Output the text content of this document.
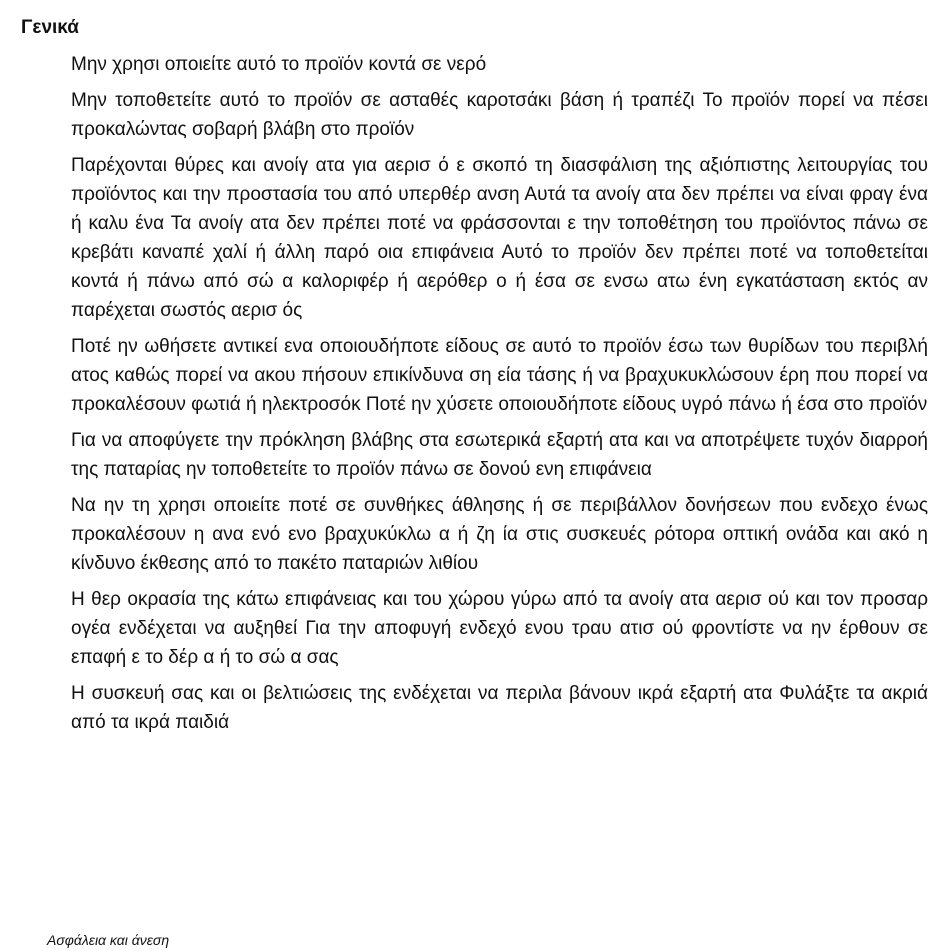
Γενικά

Μην χρησι οποιείτε αυτό το προϊόν κοντά σε νερό

Μην τοποθετείτε αυτό το προϊόν σε ασταθές καροτσάκι βάση ή τραπέζι Το προϊόν πορεί να πέσει προκαλώντας σοβαρή βλάβη στο προϊόν

Παρέχονται θύρες και ανοίγ ατα για αερισ ό ε σκοπό τη διασφάλιση της αξιόπιστης λειτουργίας του προϊόντος και την προστασία του από υπερθέρ ανση Αυτά τα ανοίγ ατα δεν πρέπει να είναι φραγ ένα ή καλυ ένα Τα ανοίγ ατα δεν πρέπει ποτέ να φράσσονται ε την τοποθέτηση του προϊόντος πάνω σε κρεβάτι καναπέ χαλί ή άλλη παρό οια επιφάνεια Αυτό το προϊόν δεν πρέπει ποτέ να τοποθετείται κοντά ή πάνω από σώ α καλοριφέρ ή αερόθερ ο ή έσα σε ενσω ατω ένη εγκατάσταση εκτός αν παρέχεται σωστός αερισ ός

Ποτέ ην ωθήσετε αντικεί ενα οποιουδήποτε είδους σε αυτό το προϊόν έσω των θυρίδων του περιβλή ατος καθώς πορεί να ακου πήσουν επικίνδυνα ση εία τάσης ή να βραχυκυκλώσουν έρη που πορεί να προκαλέσουν φωτιά ή ηλεκτροσόκ Ποτέ ην χύσετε οποιουδήποτε είδους υγρό πάνω ή έσα στο προϊόν

Για να αποφύγετε την πρόκληση βλάβης στα εσωτερικά εξαρτή ατα και να αποτρέψετε τυχόν διαρροή της παταρίας ην τοποθετείτε το προϊόν πάνω σε δονού ενη επιφάνεια

Να ην τη χρησι οποιείτε ποτέ σε συνθήκες άθλησης ή σε περιβάλλον δονήσεων που ενδεχο ένως προκαλέσουν η ανα ενό ενο βραχυκύκλω α ή ζη ία στις συσκευές ρότορα οπτική ονάδα και ακό η κίνδυνο έκθεσης από το πακέτο παταριών λιθίου

Η θερ οκρασία της κάτω επιφάνειας και του χώρου γύρω από τα ανοίγ ατα αερισ ού και τον προσαρ ογέα ενδέχεται να αυξηθεί Για την αποφυγή ενδεχό ενου τραυ ατισ ού φροντίστε να ην έρθουν σε επαφή ε το δέρ α ή το σώ α σας

Η συσκευή σας και οι βελτιώσεις της ενδέχεται να περιλα βάνουν ικρά εξαρτή ατα Φυλάξτε τα ακριά από τα ικρά παιδιά

Ασφάλεια και άνεση
